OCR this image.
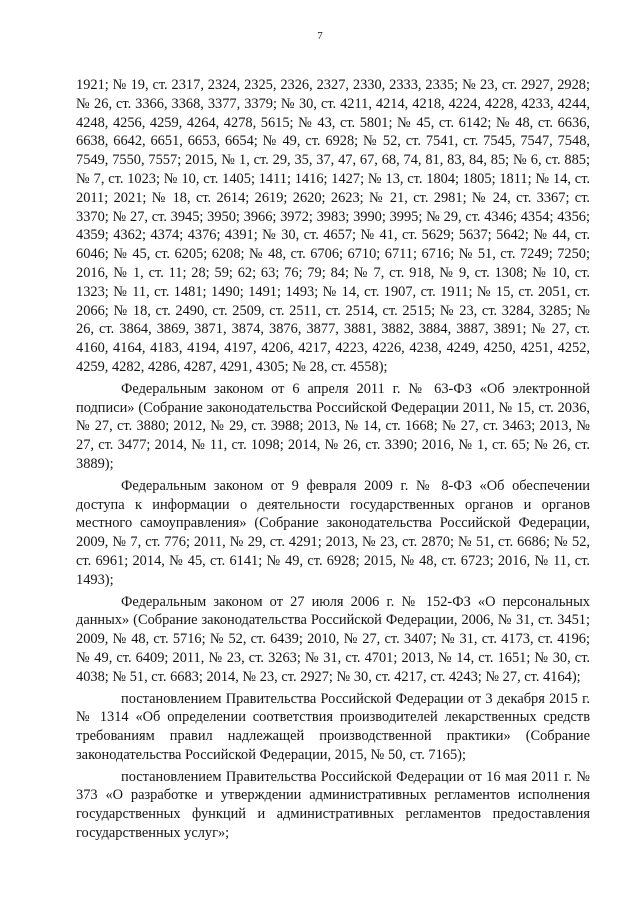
7

1921; № 19, ст. 2317, 2324, 2325, 2326, 2327, 2330, 2333, 2335; № 23, ст. 2927, 2928; № 26, ст. 3366, 3368, 3377, 3379; № 30, ст. 4211, 4214, 4218, 4224, 4228, 4233, 4244, 4248, 4256, 4259, 4264, 4278, 5615; № 43, ст. 5801; № 45, ст. 6142; № 48, ст. 6636, 6638, 6642, 6651, 6653, 6654; № 49, ст. 6928; № 52, ст. 7541, ст. 7545, 7547, 7548, 7549, 7550, 7557; 2015, № 1, ст. 29, 35, 37, 47, 67, 68, 74, 81, 83, 84, 85; № 6, ст. 885; № 7, ст. 1023; № 10, ст. 1405; 1411; 1416; 1427; № 13, ст. 1804; 1805; 1811; № 14, ст. 2011; 2021; № 18, ст. 2614; 2619; 2620; 2623; № 21, ст. 2981; № 24, ст. 3367; ст. 3370; № 27, ст. 3945; 3950; 3966; 3972; 3983; 3990; 3995; № 29, ст. 4346; 4354; 4356; 4359; 4362; 4374; 4376; 4391; № 30, ст. 4657; № 41, ст. 5629; 5637; 5642; № 44, ст. 6046; № 45, ст. 6205; 6208; № 48, ст. 6706; 6710; 6711; 6716; № 51, ст. 7249; 7250; 2016, № 1, ст. 11; 28; 59; 62; 63; 76; 79; 84; № 7, ст. 918, № 9, ст. 1308; № 10, ст. 1323; № 11, ст. 1481; 1490; 1491; 1493; № 14, ст. 1907, ст. 1911; № 15, ст. 2051, ст. 2066; № 18, ст. 2490, ст. 2509, ст. 2511, ст. 2514, ст. 2515; № 23, ст. 3284, 3285; № 26, ст. 3864, 3869, 3871, 3874, 3876, 3877, 3881, 3882, 3884, 3887, 3891; № 27, ст. 4160, 4164, 4183, 4194, 4197, 4206, 4217, 4223, 4226, 4238, 4249, 4250, 4251, 4252, 4259, 4282, 4286, 4287, 4291, 4305; № 28, ст. 4558);

Федеральным законом от 6 апреля 2011 г. № 63-ФЗ «Об электронной подписи» (Собрание законодательства Российской Федерации 2011, № 15, ст. 2036, № 27, ст. 3880; 2012, № 29, ст. 3988; 2013, № 14, ст. 1668; № 27, ст. 3463; 2013, № 27, ст. 3477; 2014, № 11, ст. 1098; 2014, № 26, ст. 3390; 2016, № 1, ст. 65; № 26, ст. 3889);

Федеральным законом от 9 февраля 2009 г. № 8-ФЗ «Об обеспечении доступа к информации о деятельности государственных органов и органов местного самоуправления» (Собрание законодательства Российской Федерации, 2009, № 7, ст. 776; 2011, № 29, ст. 4291; 2013, № 23, ст. 2870; № 51, ст. 6686; № 52, ст. 6961; 2014, № 45, ст. 6141; № 49, ст. 6928; 2015, № 48, ст. 6723; 2016, № 11, ст. 1493);

Федеральным законом от 27 июля 2006 г. № 152-ФЗ «О персональных данных» (Собрание законодательства Российской Федерации, 2006, № 31, ст. 3451; 2009, № 48, ст. 5716; № 52, ст. 6439; 2010, № 27, ст. 3407; № 31, ст. 4173, ст. 4196; № 49, ст. 6409; 2011, № 23, ст. 3263; № 31, ст. 4701; 2013, № 14, ст. 1651; № 30, ст. 4038; № 51, ст. 6683; 2014, № 23, ст. 2927; № 30, ст. 4217, ст. 4243; № 27, ст. 4164);

постановлением Правительства Российской Федерации от 3 декабря 2015 г. № 1314 «Об определении соответствия производителей лекарственных средств требованиям правил надлежащей производственной практики» (Собрание законодательства Российской Федерации, 2015, № 50, ст. 7165);

постановлением Правительства Российской Федерации от 16 мая 2011 г. № 373 «О разработке и утверждении административных регламентов исполнения государственных функций и административных регламентов предоставления государственных услуг»;
